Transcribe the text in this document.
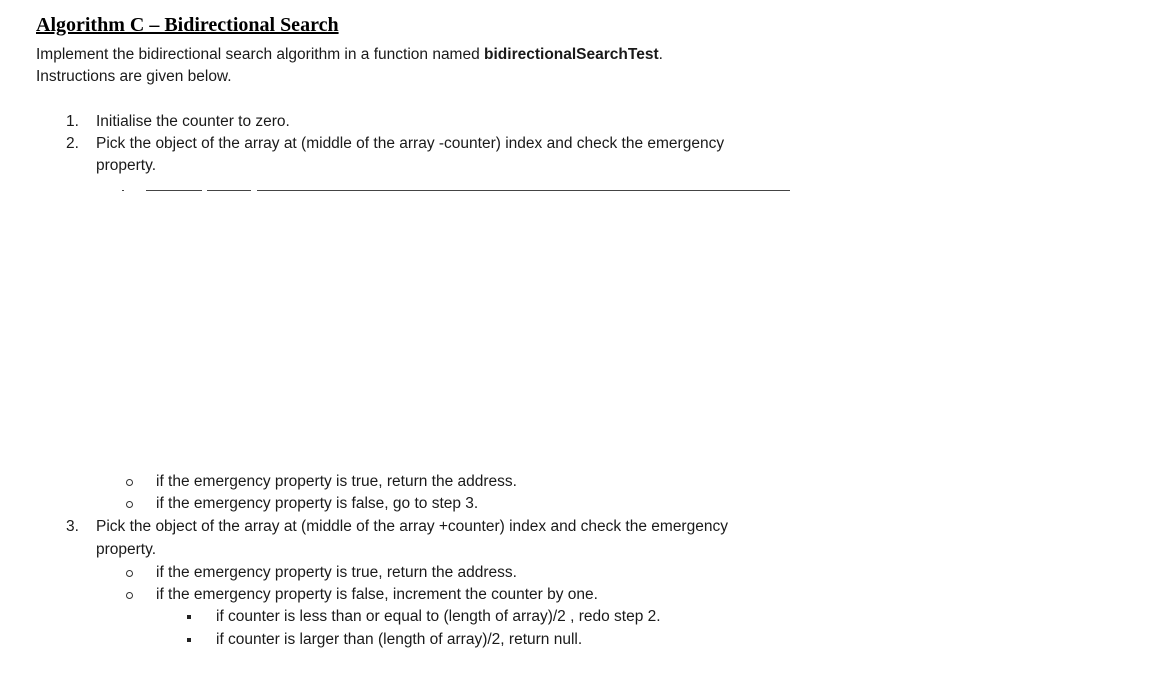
Algorithm C – Bidirectional Search
Implement the bidirectional search algorithm in a function named bidirectionalSearchTest.
Instructions are given below.
1. Initialise the counter to zero.
2. Pick the object of the array at (middle of the array -counter) index and check the emergency
property.
if the emergency property is true, return the address.
if the emergency property is false, go to step 3.
3. Pick the object of the array at (middle of the array +counter) index and check the emergency
property.
if the emergency property is true, return the address.
if the emergency property is false, increment the counter by one.
if counter is less than or equal to (length of array)/2 , redo step 2.
if counter is larger than (length of array)/2, return null.
